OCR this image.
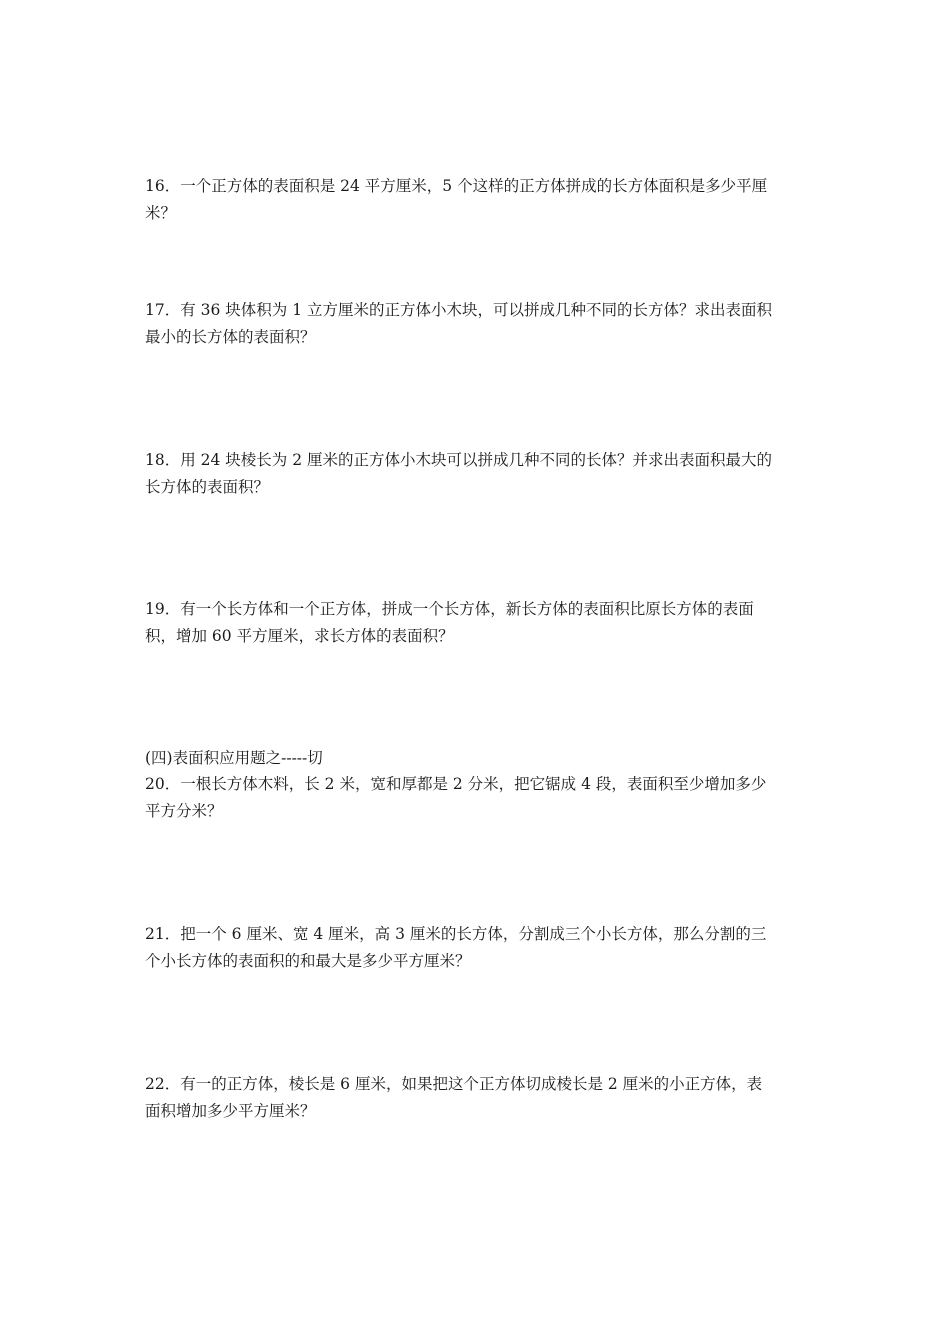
16．一个正方体的表面积是 24 平方厘米，5 个这样的正方体拼成的长方体面积是多少平厘
米？
17．有 36 块体积为 1 立方厘米的正方体小木块，可以拼成几种不同的长方体？求出表面积
最小的长方体的表面积？
18．用 24 块棱长为 2 厘米的正方体小木块可以拼成几种不同的长体？并求出表面积最大的
长方体的表面积？
19．有一个长方体和一个正方体，拼成一个长方体，新长方体的表面积比原长方体的表面
积，增加 60 平方厘米，求长方体的表面积？
(四)表面积应用题之-----切
20．一根长方体木料，长 2 米，宽和厚都是 2 分米，把它锯成 4 段，表面积至少增加多少
平方分米？
21．把一个 6 厘米、宽 4 厘米，高 3 厘米的长方体，分割成三个小长方体，那么分割的三
个小长方体的表面积的和最大是多少平方厘米？
22．有一的正方体，棱长是 6 厘米，如果把这个正方体切成棱长是 2 厘米的小正方体，表
面积增加多少平方厘米？
